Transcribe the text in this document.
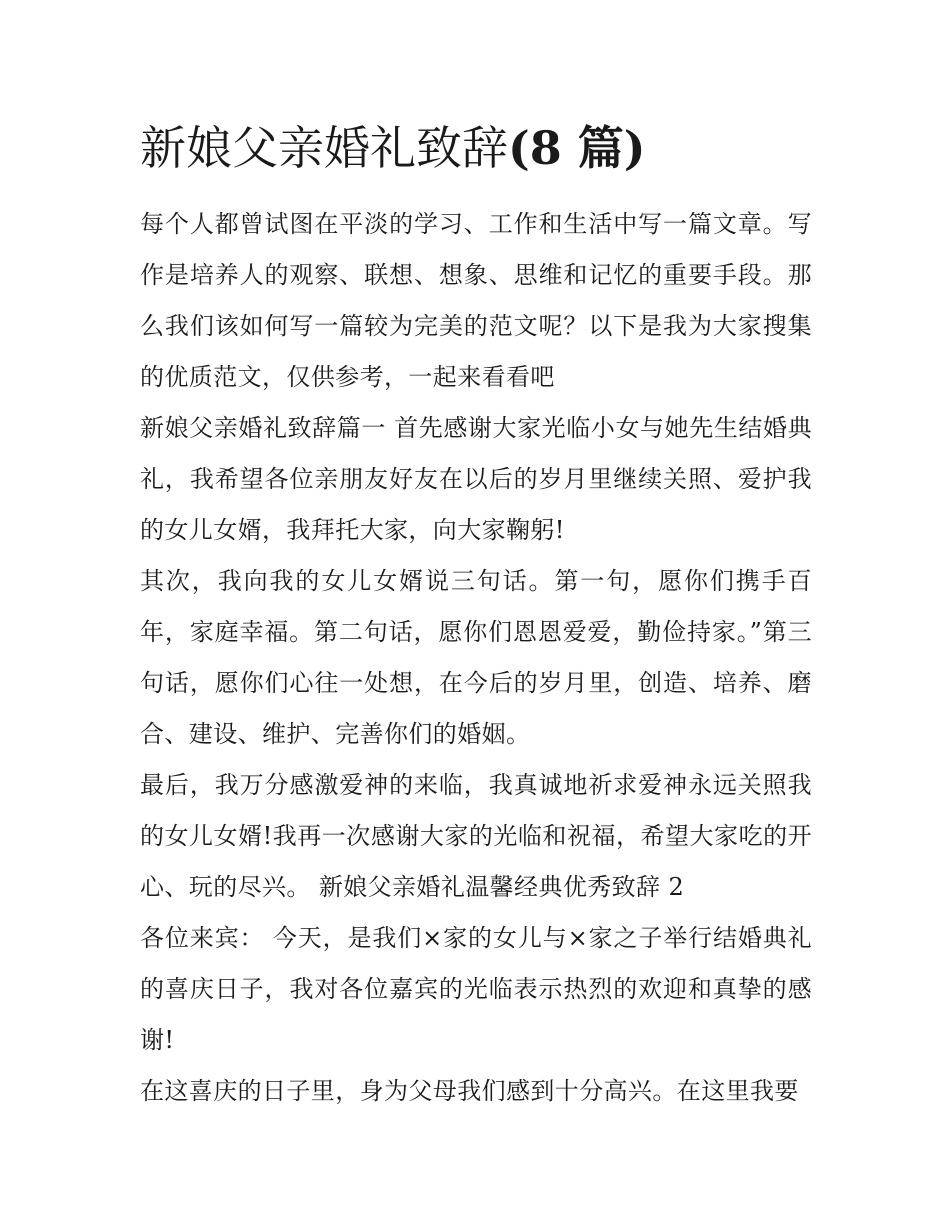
新娘父亲婚礼致辞(8 篇)

每个人都曾试图在平淡的学习、工作和生活中写一篇文章。写作是培养人的观察、联想、想象、思维和记忆的重要手段。那么我们该如何写一篇较为完美的范文呢？以下是我为大家搜集的优质范文，仅供参考，一起来看看吧

新娘父亲婚礼致辞篇一 首先感谢大家光临小女与她先生结婚典礼，我希望各位亲朋友好友在以后的岁月里继续关照、爱护我的女儿女婿，我拜托大家，向大家鞠躬!

其次，我向我的女儿女婿说三句话。第一句，愿你们携手百年，家庭幸福。第二句话，愿你们恩恩爱爱，勤俭持家。”第三句话，愿你们心往一处想，在今后的岁月里，创造、培养、磨合、建设、维护、完善你们的婚姻。

最后，我万分感激爱神的来临，我真诚地祈求爱神永远关照我的女儿女婿!我再一次感谢大家的光临和祝福，希望大家吃的开心、玩的尽兴。 新娘父亲婚礼温馨经典优秀致辞 2

各位来宾： 今天，是我们×家的女儿与×家之子举行结婚典礼的喜庆日子，我对各位嘉宾的光临表示热烈的欢迎和真挚的感谢!

在这喜庆的日子里，身为父母我们感到十分高兴。在这里我要
